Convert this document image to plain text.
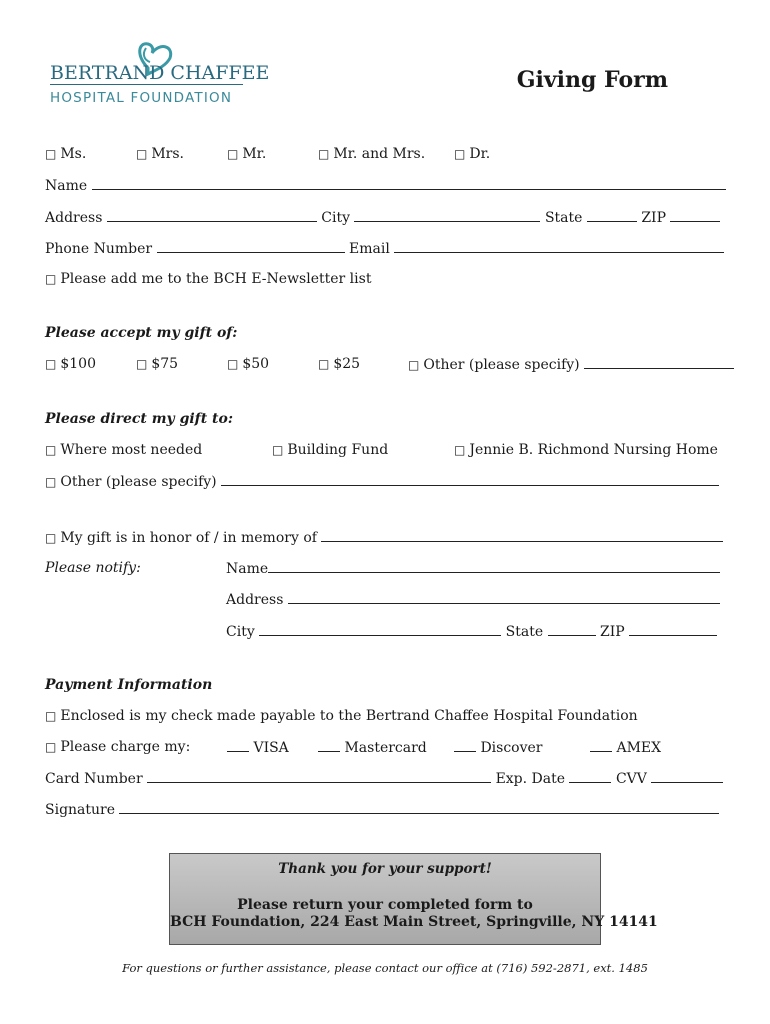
BERTRAND CHAFFEE
HOSPITAL FOUNDATION
Giving Form
□ Ms.	□ Mrs.	□ Mr.	□ Mr. and Mrs. □ Dr.
Name
Address	City	State	ZIP
Phone Number	Email
□ Please add me to the BCH E-Newsletter list
Please accept my gift of:
□ $100	□ $75	□ $50	□ $25	□ Other (please specify)
Please direct my gift to:
□ Where most needed	□ Building Fund	□ Jennie B. Richmond Nursing Home
□ Other (please specify)
□ My gift is in honor of / in memory of
Please notify:	Name
Address
City	State	ZIP
Payment Information
□ Enclosed is my check made payable to the Bertrand Chaffee Hospital Foundation
□ Please charge my:	VISA	Mastercard	Discover	AMEX
Card Number	Exp. Date	CVV
Signature
Thank you for your support!
Please return your completed form to
BCH Foundation, 224 East Main Street, Springville, NY 14141
For questions or further assistance, please contact our office at (716) 592-2871, ext. 1485
